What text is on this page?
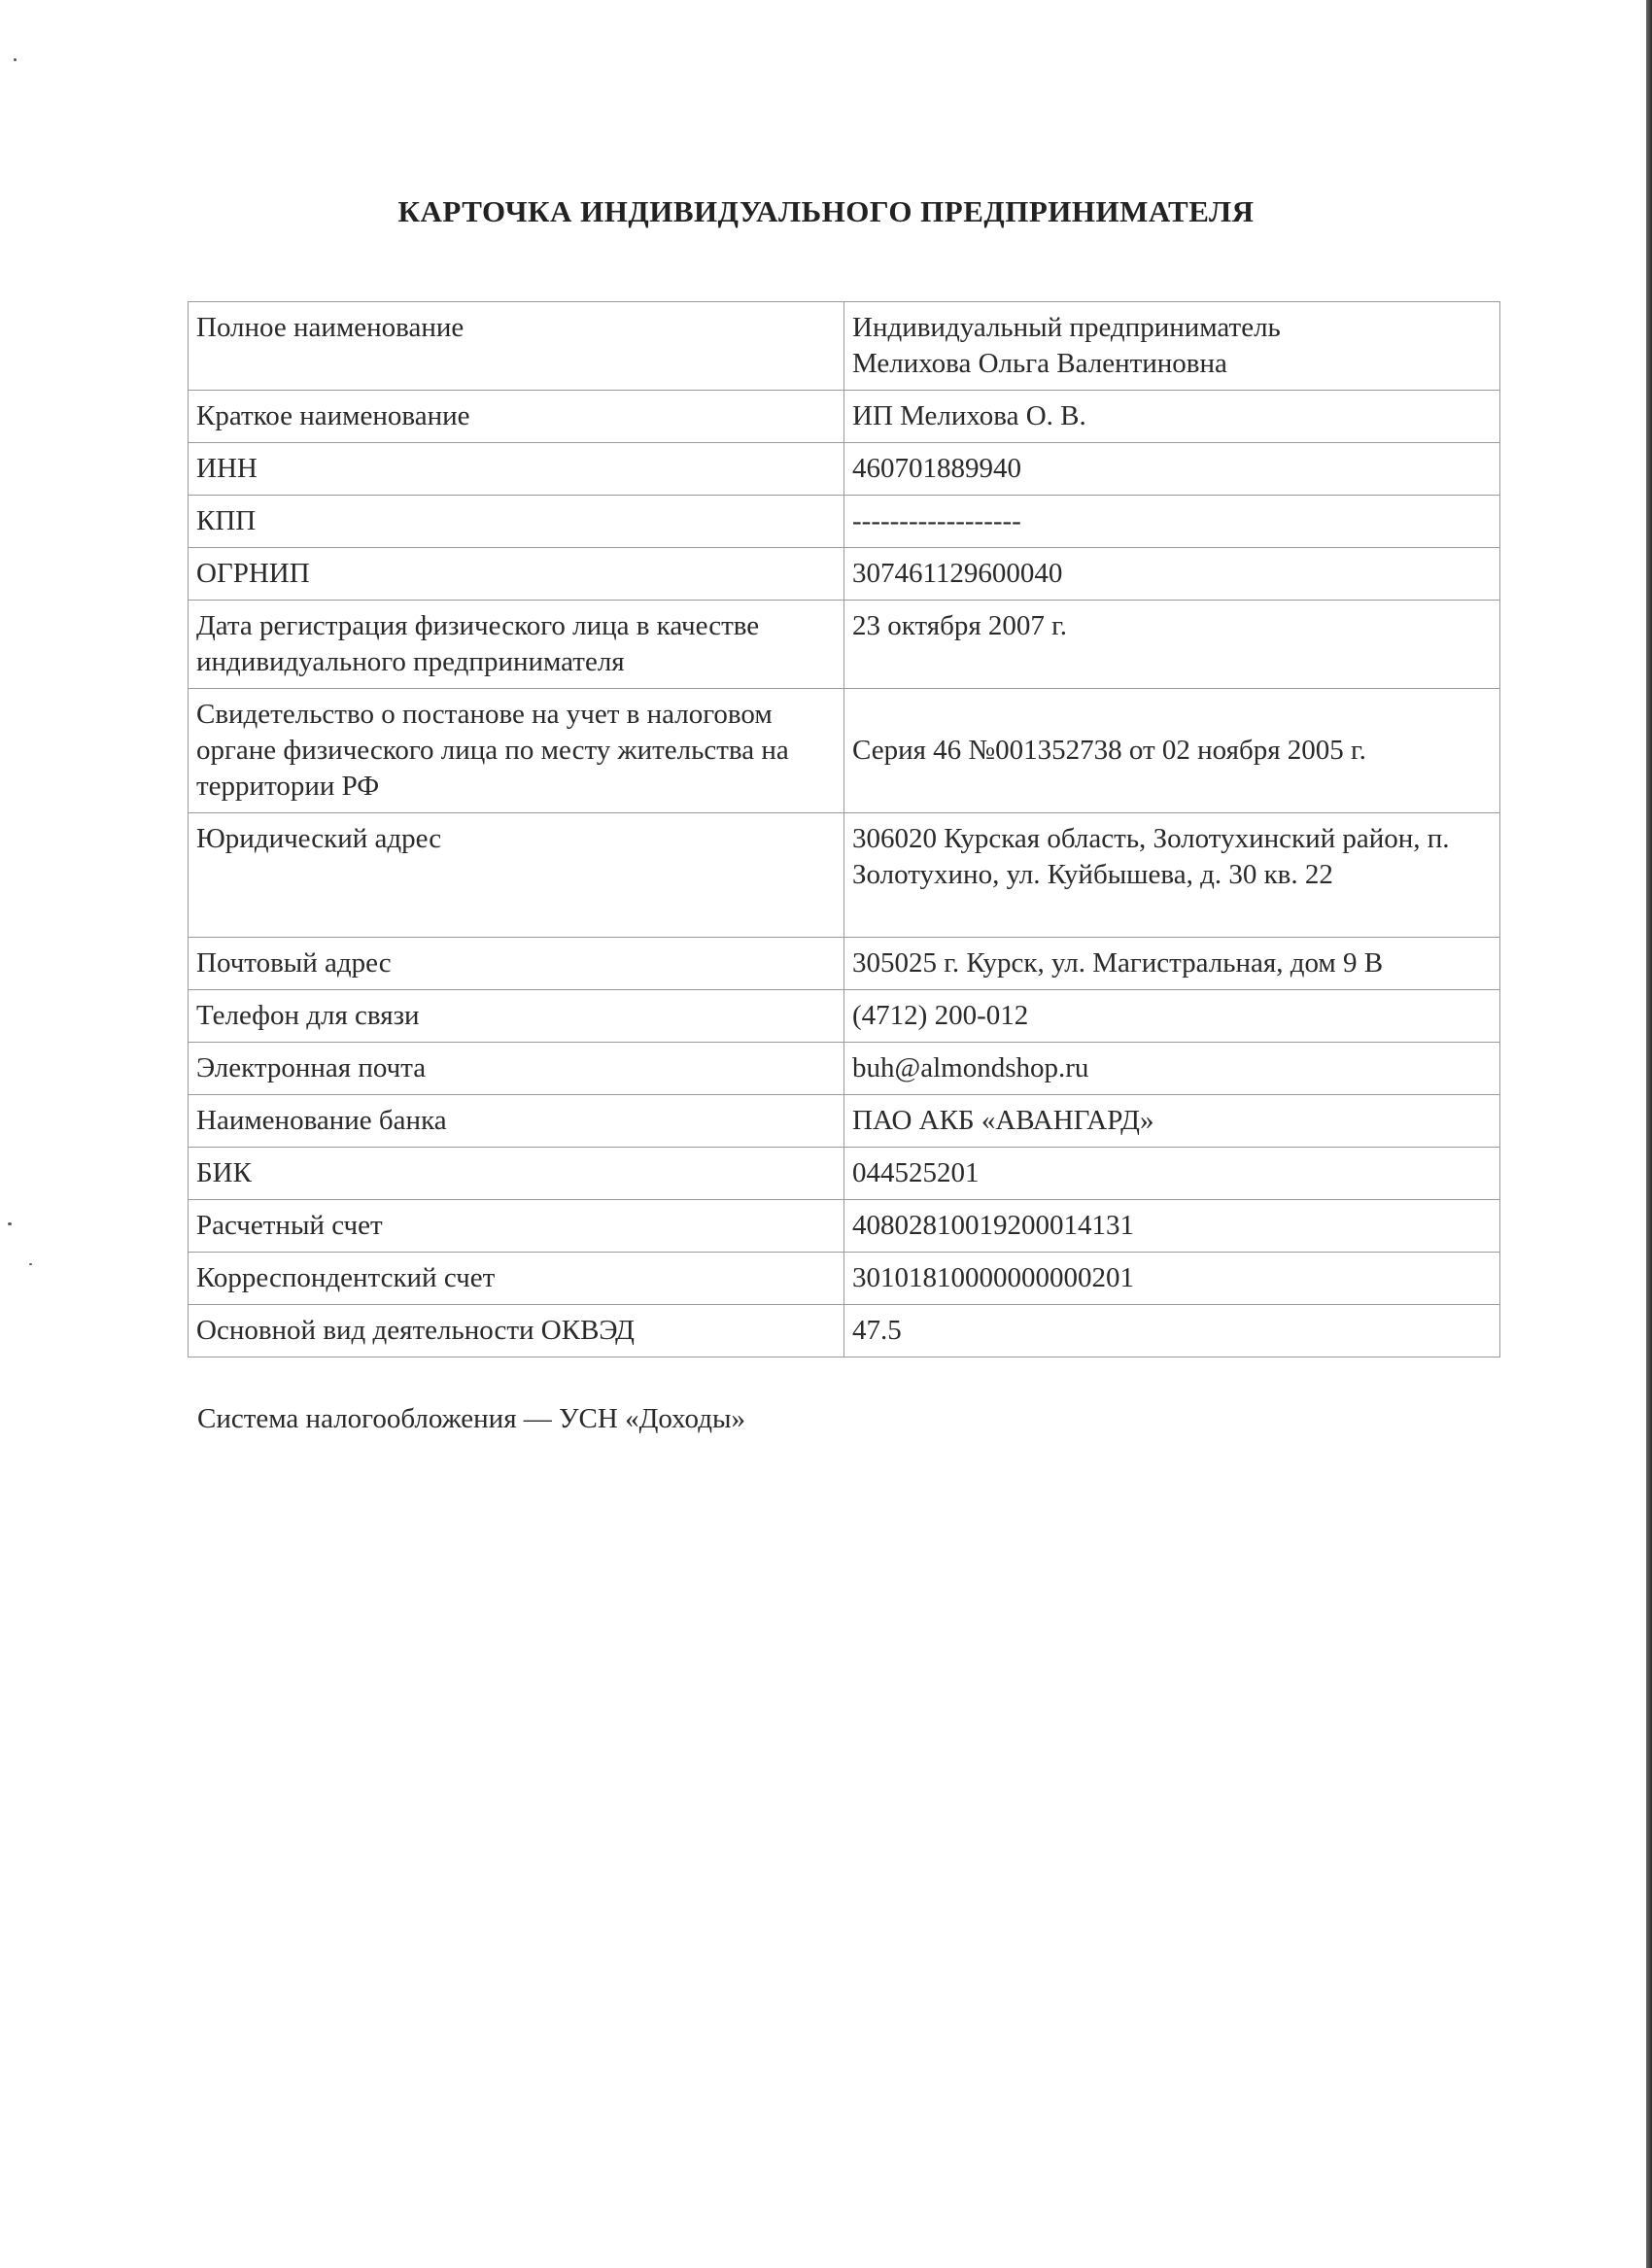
КАРТОЧКА ИНДИВИДУАЛЬНОГО ПРЕДПРИНИМАТЕЛЯ
Полное наименование	Индивидуальный предприниматель
Мелихова Ольга Валентиновна
Краткое наименование	ИП Мелихова О. В.
ИНН	460701889940
КПП	------------------
ОГРНИП	307461129600040
Дата регистрация физического лица в качестве индивидуального предпринимателя	23 октября 2007 г.
Свидетельство о постанове на учет в налоговом органе физического лица по месту жительства на территории РФ	Серия 46 №001352738 от 02 ноября 2005 г.
Юридический адрес	306020 Курская область, Золотухинский район, п. Золотухино, ул. Куйбышева, д. 30 кв. 22
Почтовый адрес	305025 г. Курск, ул. Магистральная, дом 9 В
Телефон для связи	(4712) 200-012
Электронная почта	buh@almondshop.ru
Наименование банка	ПАО АКБ «АВАНГАРД»
БИК	044525201
Расчетный счет	40802810019200014131
Корреспондентский счет	30101810000000000201
Основной вид деятельности ОКВЭД	47.5

Система налогообложения — УСН «Доходы»
